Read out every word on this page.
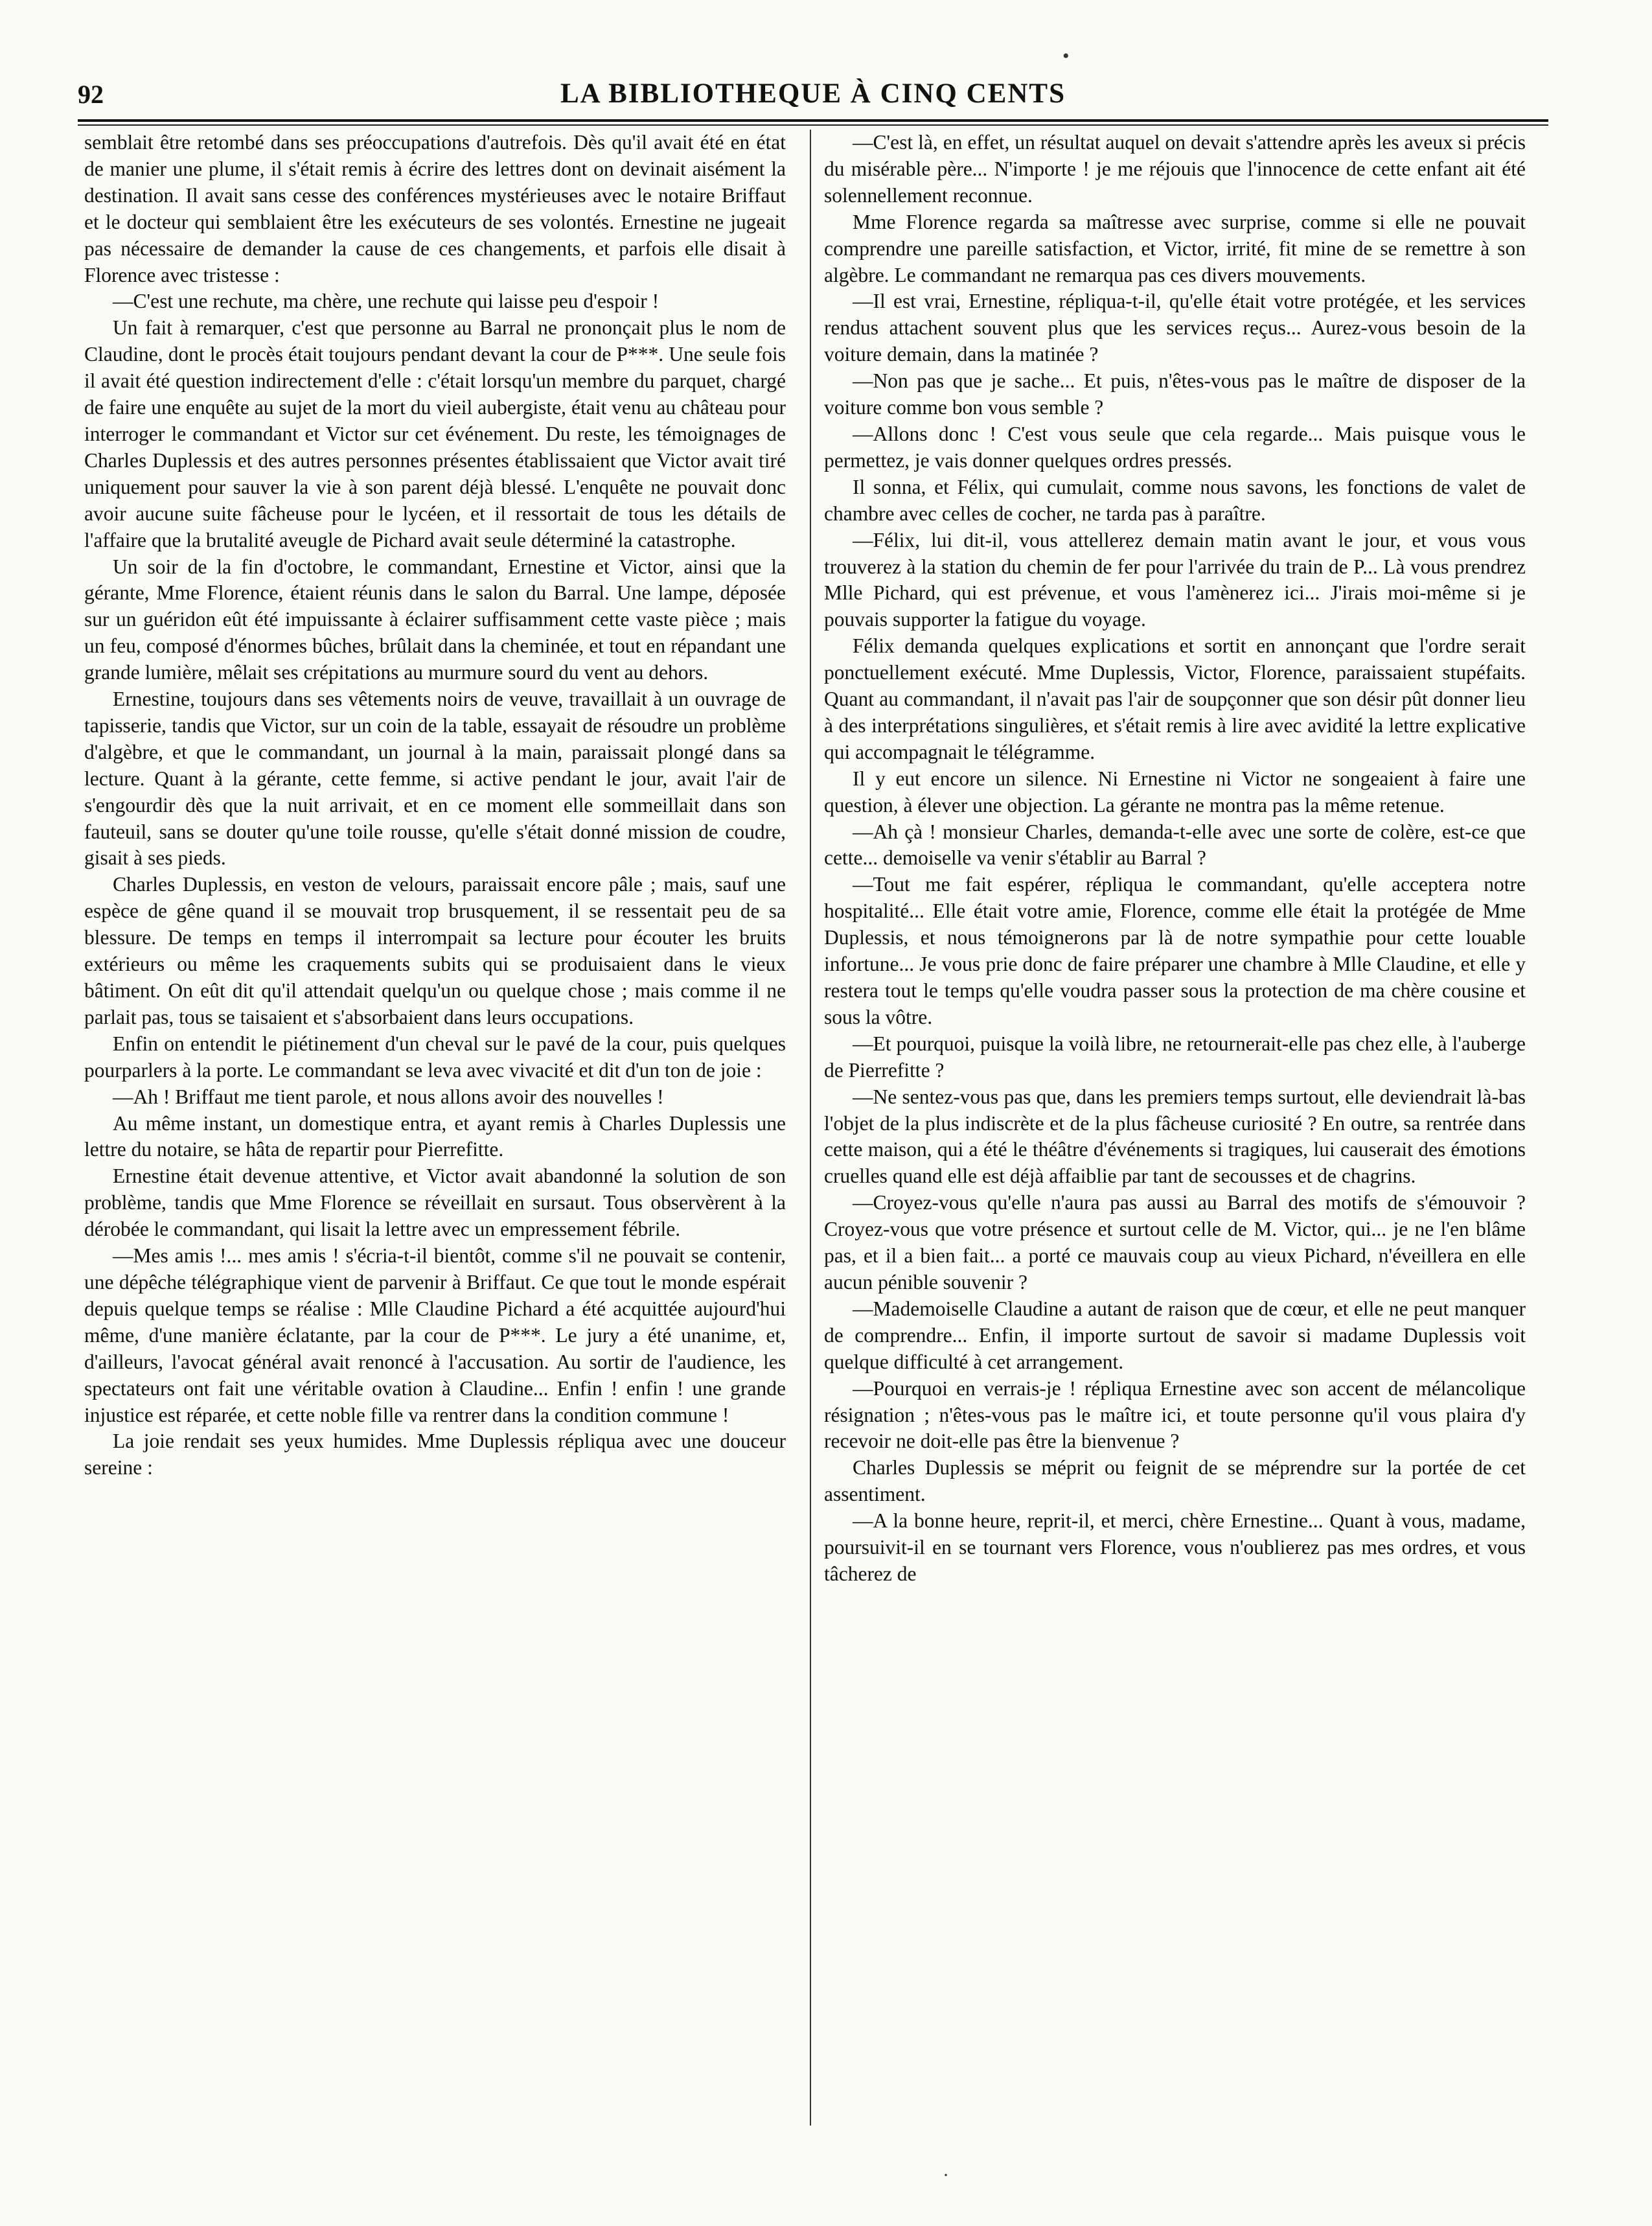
92	LA BIBLIOTHEQUE À CINQ CENTS

semblait être retombé dans ses préoccupations d'autrefois. Dès qu'il avait été en état de manier une plume, il s'était remis à écrire des lettres dont on devinait aisément la destination. Il avait sans cesse des conférences mystérieuses avec le notaire Briffaut et le docteur qui semblaient être les exécuteurs de ses volontés. Ernestine ne jugeait pas nécessaire de demander la cause de ces changements, et parfois elle disait à Florence avec tristesse :

—C'est une rechute, ma chère, une rechute qui laisse peu d'espoir !

Un fait à remarquer, c'est que personne au Barral ne prononçait plus le nom de Claudine, dont le procès était toujours pendant devant la cour de P***. Une seule fois il avait été question indirectement d'elle : c'était lorsqu'un membre du parquet, chargé de faire une enquête au sujet de la mort du vieil aubergiste, était venu au château pour interroger le commandant et Victor sur cet événement. Du reste, les témoignages de Charles Duplessis et des autres personnes présentes établissaient que Victor avait tiré uniquement pour sauver la vie à son parent déjà blessé. L'enquête ne pouvait donc avoir aucune suite fâcheuse pour le lycéen, et il ressortait de tous les détails de l'affaire que la brutalité aveugle de Pichard avait seule déterminé la catastrophe.

Un soir de la fin d'octobre, le commandant, Ernestine et Victor, ainsi que la gérante, Mme Florence, étaient réunis dans le salon du Barral. Une lampe, déposée sur un guéridon eût été impuissante à éclairer suffisamment cette vaste pièce ; mais un feu, composé d'énormes bûches, brûlait dans la cheminée, et tout en répandant une grande lumière, mêlait ses crépitations au murmure sourd du vent au dehors.

Ernestine, toujours dans ses vêtements noirs de veuve, travaillait à un ouvrage de tapisserie, tandis que Victor, sur un coin de la table, essayait de résoudre un problème d'algèbre, et que le commandant, un journal à la main, paraissait plongé dans sa lecture. Quant à la gérante, cette femme, si active pendant le jour, avait l'air de s'engourdir dès que la nuit arrivait, et en ce moment elle sommeillait dans son fauteuil, sans se douter qu'une toile rousse, qu'elle s'était donné mission de coudre, gisait à ses pieds.

Charles Duplessis, en veston de velours, paraissait encore pâle ; mais, sauf une espèce de gêne quand il se mouvait trop brusquement, il se ressentait peu de sa blessure. De temps en temps il interrompait sa lecture pour écouter les bruits extérieurs ou même les craquements subits qui se produisaient dans le vieux bâtiment. On eût dit qu'il attendait quelqu'un ou quelque chose ; mais comme il ne parlait pas, tous se taisaient et s'absorbaient dans leurs occupations.

Enfin on entendit le piétinement d'un cheval sur le pavé de la cour, puis quelques pourparlers à la porte. Le commandant se leva avec vivacité et dit d'un ton de joie :

—Ah ! Briffaut me tient parole, et nous allons avoir des nouvelles !

Au même instant, un domestique entra, et ayant remis à Charles Duplessis une lettre du notaire, se hâta de repartir pour Pierrefitte.

Ernestine était devenue attentive, et Victor avait abandonné la solution de son problème, tandis que Mme Florence se réveillait en sursaut. Tous observèrent à la dérobée le commandant, qui lisait la lettre avec un empressement fébrile.

—Mes amis !... mes amis ! s'écria-t-il bientôt, comme s'il ne pouvait se contenir, une dépêche télégraphique vient de parvenir à Briffaut. Ce que tout le monde espérait depuis quelque temps se réalise : Mlle Claudine Pichard a été acquittée aujourd'hui même, d'une manière éclatante, par la cour de P***. Le jury a été unanime, et, d'ailleurs, l'avocat général avait renoncé à l'accusation. Au sortir de l'audience, les spectateurs ont fait une véritable ovation à Claudine... Enfin ! enfin ! une grande injustice est réparée, et cette noble fille va rentrer dans la condition commune !

La joie rendait ses yeux humides. Mme Duplessis répliqua avec une douceur sereine :

—C'est là, en effet, un résultat auquel on devait s'attendre après les aveux si précis du misérable père... N'importe ! je me réjouis que l'innocence de cette enfant ait été solennellement reconnue.

Mme Florence regarda sa maîtresse avec surprise, comme si elle ne pouvait comprendre une pareille satisfaction, et Victor, irrité, fit mine de se remettre à son algèbre. Le commandant ne remarqua pas ces divers mouvements.

—Il est vrai, Ernestine, répliqua-t-il, qu'elle était votre protégée, et les services rendus attachent souvent plus que les services reçus... Aurez-vous besoin de la voiture demain, dans la matinée ?

—Non pas que je sache... Et puis, n'êtes-vous pas le maître de disposer de la voiture comme bon vous semble ?

—Allons donc ! C'est vous seule que cela regarde... Mais puisque vous le permettez, je vais donner quelques ordres pressés.

Il sonna, et Félix, qui cumulait, comme nous savons, les fonctions de valet de chambre avec celles de cocher, ne tarda pas à paraître.

—Félix, lui dit-il, vous attellerez demain matin avant le jour, et vous vous trouverez à la station du chemin de fer pour l'arrivée du train de P... Là vous prendrez Mlle Pichard, qui est prévenue, et vous l'amènerez ici... J'irais moi-même si je pouvais supporter la fatigue du voyage.

Félix demanda quelques explications et sortit en annonçant que l'ordre serait ponctuellement exécuté. Mme Duplessis, Victor, Florence, paraissaient stupéfaits. Quant au commandant, il n'avait pas l'air de soupçonner que son désir pût donner lieu à des interprétations singulières, et s'était remis à lire avec avidité la lettre explicative qui accompagnait le télégramme.

Il y eut encore un silence. Ni Ernestine ni Victor ne songeaient à faire une question, à élever une objection. La gérante ne montra pas la même retenue.

—Ah çà ! monsieur Charles, demanda-t-elle avec une sorte de colère, est-ce que cette... demoiselle va venir s'établir au Barral ?

—Tout me fait espérer, répliqua le commandant, qu'elle acceptera notre hospitalité... Elle était votre amie, Florence, comme elle était la protégée de Mme Duplessis, et nous témoignerons par là de notre sympathie pour cette louable infortune... Je vous prie donc de faire préparer une chambre à Mlle Claudine, et elle y restera tout le temps qu'elle voudra passer sous la protection de ma chère cousine et sous la vôtre.

—Et pourquoi, puisque la voilà libre, ne retournerait-elle pas chez elle, à l'auberge de Pierrefitte ?

—Ne sentez-vous pas que, dans les premiers temps surtout, elle deviendrait là-bas l'objet de la plus indiscrète et de la plus fâcheuse curiosité ? En outre, sa rentrée dans cette maison, qui a été le théâtre d'événements si tragiques, lui causerait des émotions cruelles quand elle est déjà affaiblie par tant de secousses et de chagrins.

—Croyez-vous qu'elle n'aura pas aussi au Barral des motifs de s'émouvoir ? Croyez-vous que votre présence et surtout celle de M. Victor, qui... je ne l'en blâme pas, et il a bien fait... a porté ce mauvais coup au vieux Pichard, n'éveillera en elle aucun pénible souvenir ?

—Mademoiselle Claudine a autant de raison que de cœur, et elle ne peut manquer de comprendre... Enfin, il importe surtout de savoir si madame Duplessis voit quelque difficulté à cet arrangement.

—Pourquoi en verrais-je ! répliqua Ernestine avec son accent de mélancolique résignation ; n'êtes-vous pas le maître ici, et toute personne qu'il vous plaira d'y recevoir ne doit-elle pas être la bienvenue ?

Charles Duplessis se méprit ou feignit de se méprendre sur la portée de cet assentiment.

—A la bonne heure, reprit-il, et merci, chère Ernestine... Quant à vous, madame, poursuivit-il en se tournant vers Florence, vous n'oublierez pas mes ordres, et vous tâcherez de

•
·
